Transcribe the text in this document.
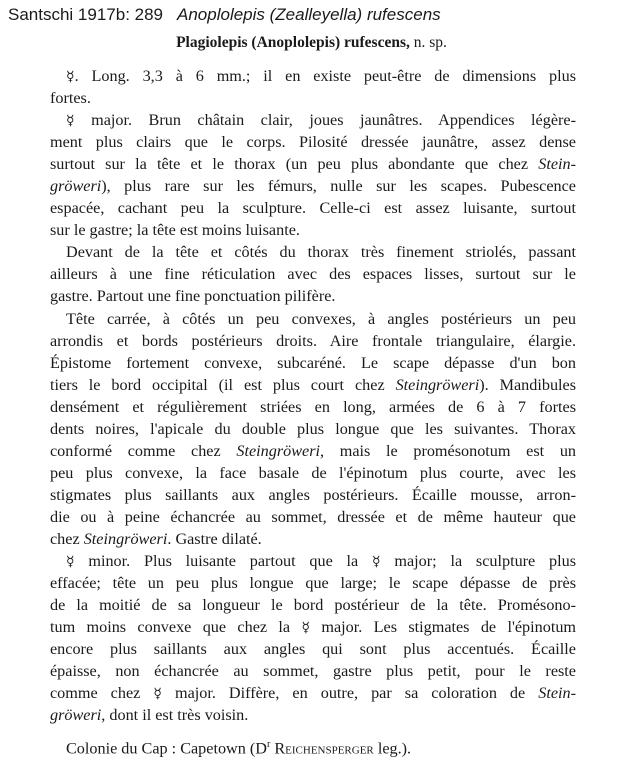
Santschi 1917b: 289 Anoplolepis (Zealleyella) rufescens
Plagiolepis (Anoplolepis) rufescens, n. sp.
☿. Long. 3,3 à 6 mm.; il en existe peut-être de dimensions plus
fortes.
☿ major. Brun châtain clair, joues jaunâtres. Appendices légère-
ment plus clairs que le corps. Pilosité dressée jaunâtre, assez dense
surtout sur la tête et le thorax (un peu plus abondante que chez Stein-
gröweri), plus rare sur les fémurs, nulle sur les scapes. Pubescence
espacée, cachant peu la sculpture. Celle-ci est assez luisante, surtout
sur le gastre; la tête est moins luisante.
Devant de la tête et côtés du thorax très finement striolés, passant
ailleurs à une fine réticulation avec des espaces lisses, surtout sur le
gastre. Partout une fine ponctuation pilifère.
Tête carrée, à côtés un peu convexes, à angles postérieurs un peu
arrondis et bords postérieurs droits. Aire frontale triangulaire, élargie.
Épistome fortement convexe, subcaréné. Le scape dépasse d'un bon
tiers le bord occipital (il est plus court chez Steingröweri). Mandibules
densément et régulièrement striées en long, armées de 6 à 7 fortes
dents noires, l'apicale du double plus longue que les suivantes. Thorax
conformé comme chez Steingröweri, mais le promésonotum est un
peu plus convexe, la face basale de l'épinotum plus courte, avec les
stigmates plus saillants aux angles postérieurs. Écaille mousse, arron-
die ou à peine échancrée au sommet, dressée et de même hauteur que
chez Steingröweri. Gastre dilaté.
☿ minor. Plus luisante partout que la ☿ major; la sculpture plus
effacée; tête un peu plus longue que large; le scape dépasse de près
de la moitié de sa longueur le bord postérieur de la tête. Promésono-
tum moins convexe que chez la ☿ major. Les stigmates de l'épinotum
encore plus saillants aux angles qui sont plus accentués. Écaille
épaisse, non échancrée au sommet, gastre plus petit, pour le reste
comme chez ☿ major. Diffère, en outre, par sa coloration de Stein-
gröweri, dont il est très voisin.
Colonie du Cap : Capetown ($D^r$ Reichensperger leg.).
